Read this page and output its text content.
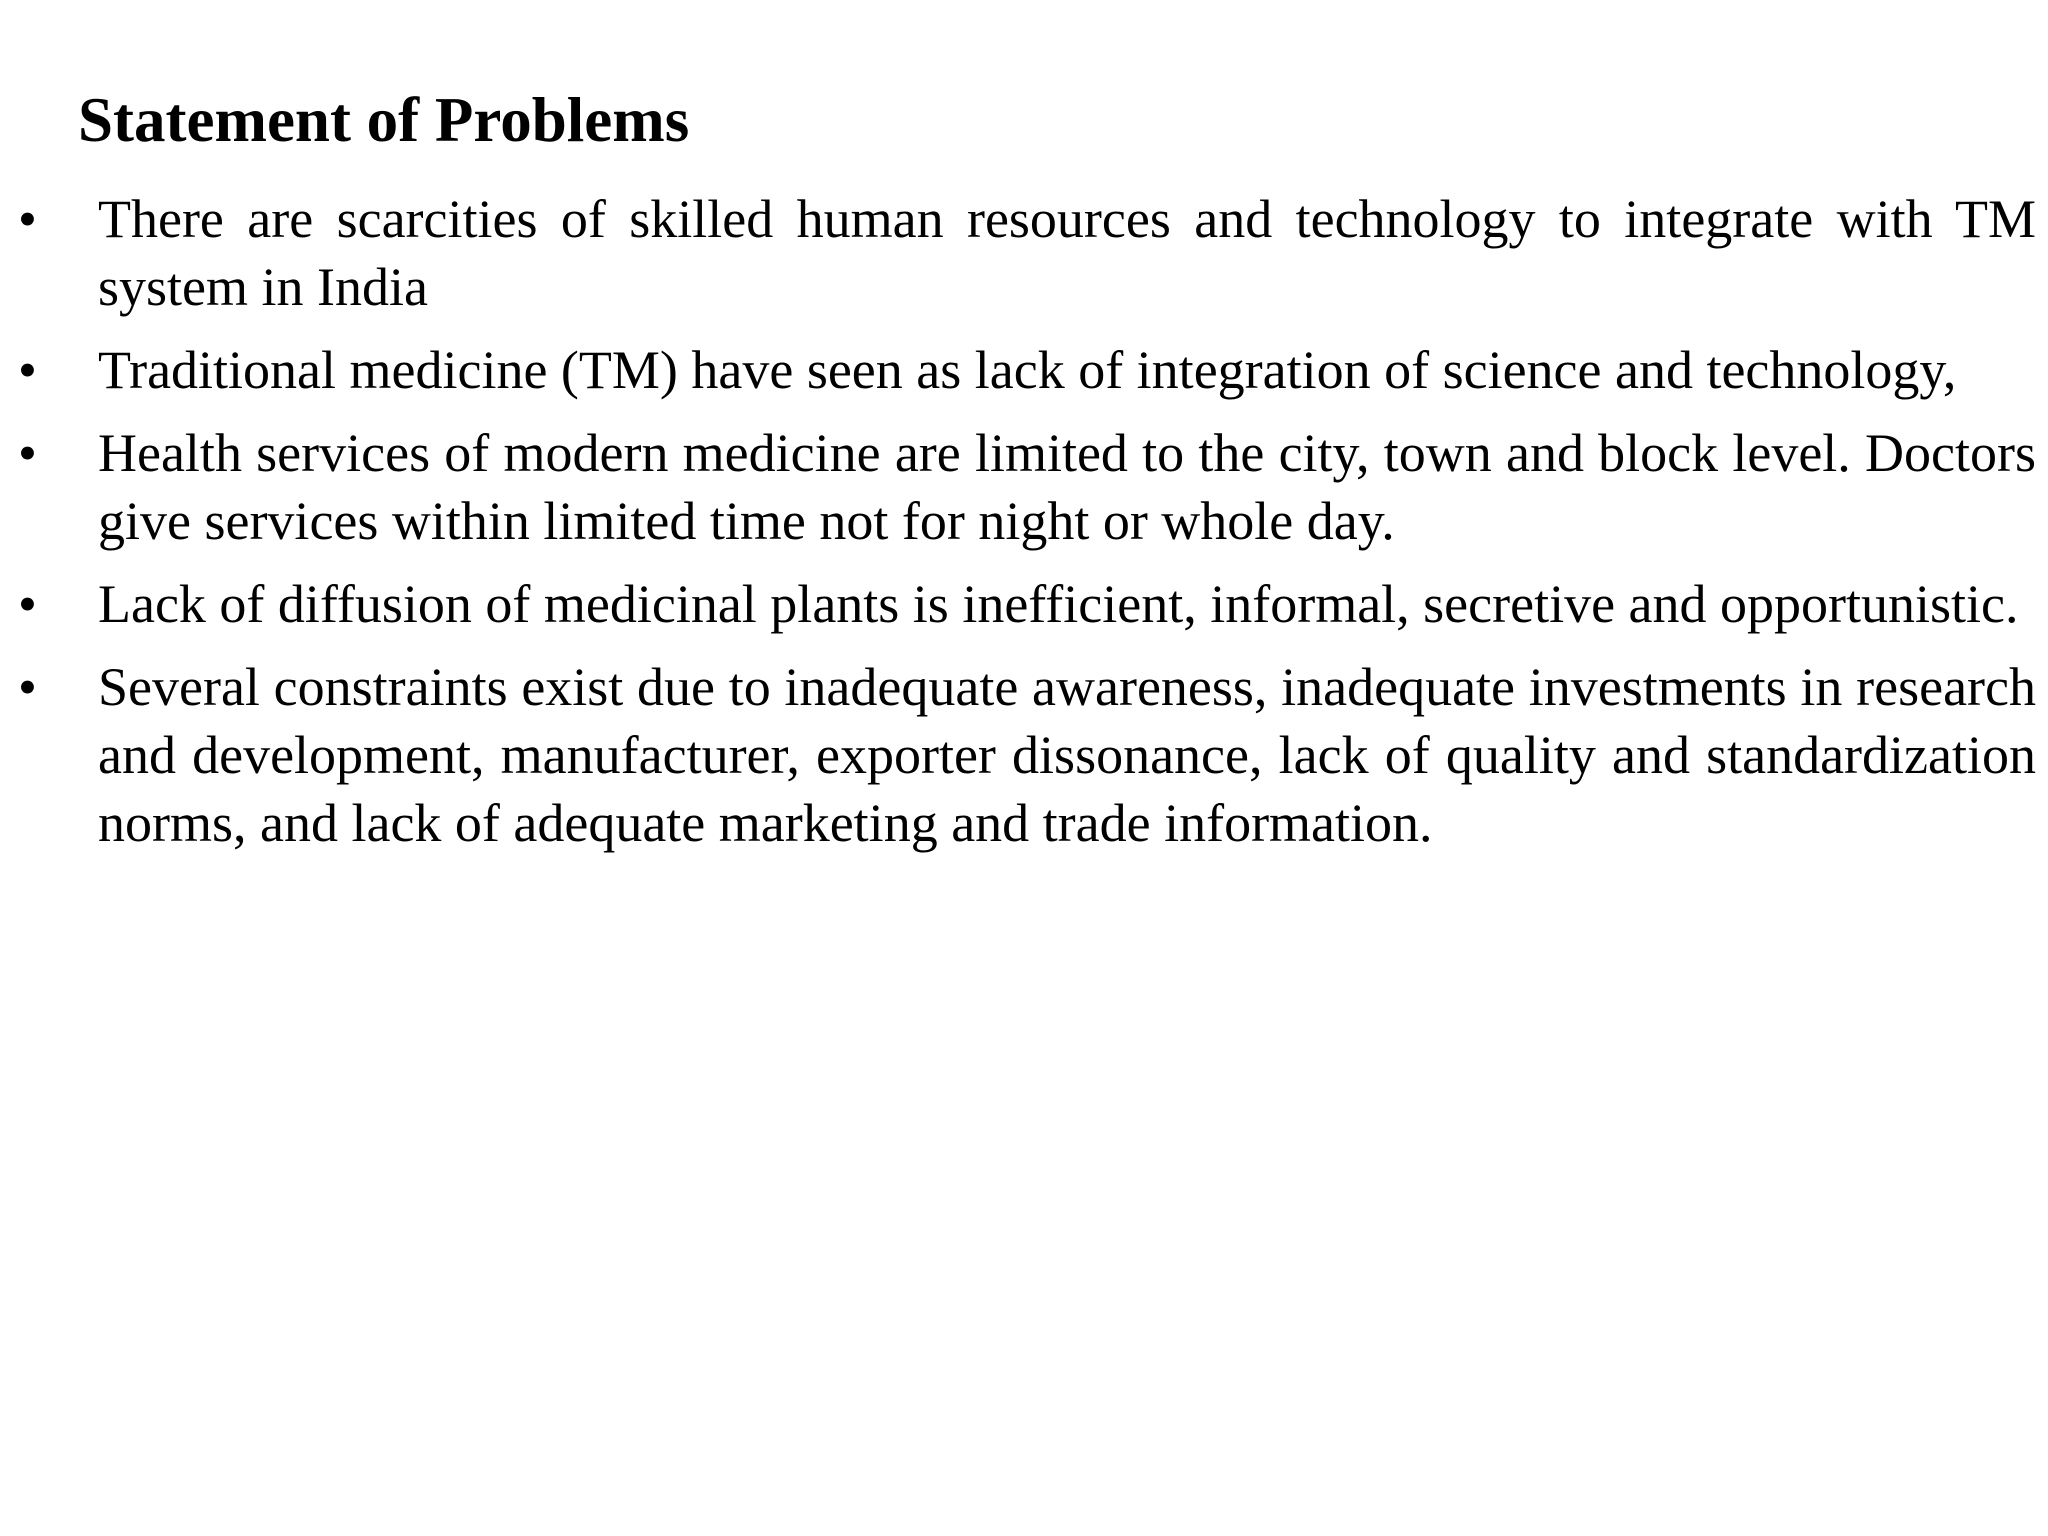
Statement of Problems
• There are scarcities of skilled human resources and technology to integrate with TM system in India
• Traditional medicine (TM) have seen as lack of integration of science and technology,
• Health services of modern medicine are limited to the city, town and block level. Doctors give services within limited time not for night or whole day.
• Lack of diffusion of medicinal plants is inefficient, informal, secretive and opportunistic.
• Several constraints exist due to inadequate awareness, inadequate investments in research and development, manufacturer, exporter dissonance, lack of quality and standardization norms, and lack of adequate marketing and trade information.
